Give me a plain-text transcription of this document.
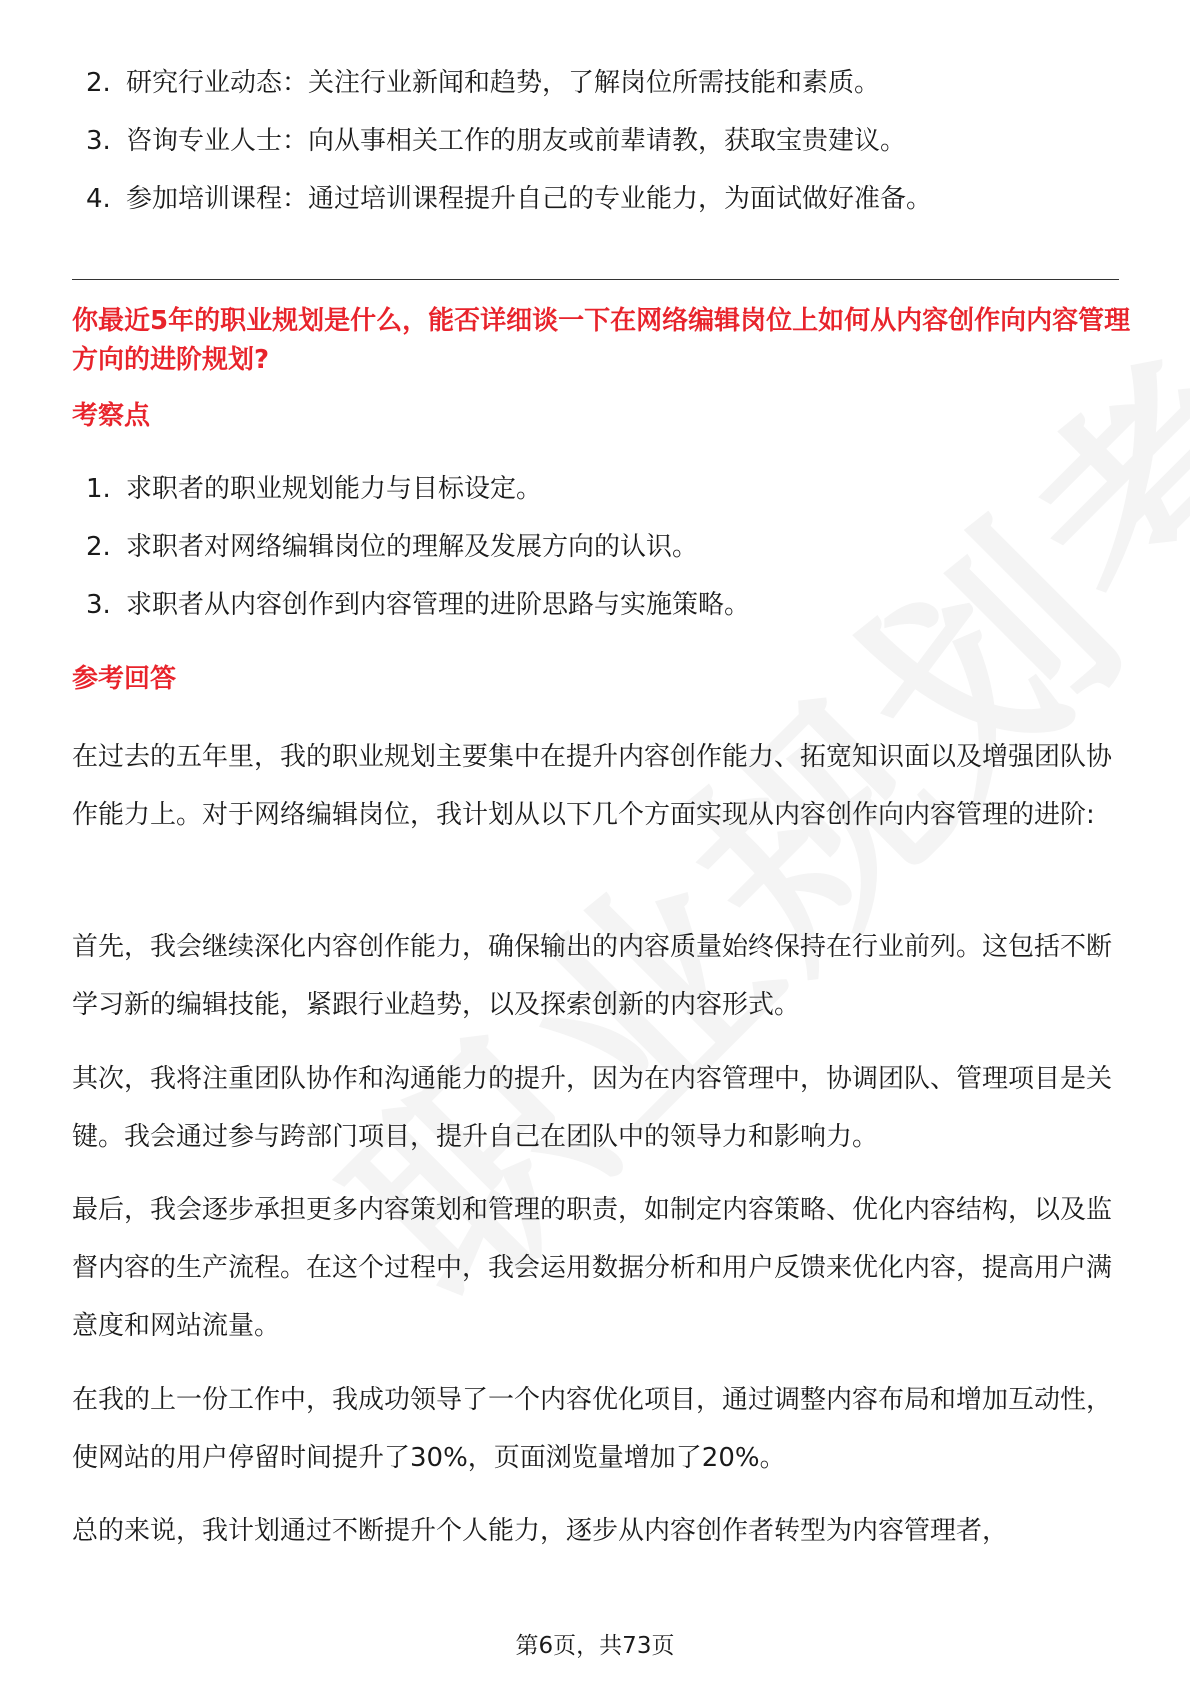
2. 研究行业动态：关注行业新闻和趋势，了解岗位所需技能和素质。
3. 咨询专业人士：向从事相关工作的朋友或前辈请教，获取宝贵建议。
4. 参加培训课程：通过培训课程提升自己的专业能力，为面试做好准备。
你最近5年的职业规划是什么，能否详细谈一下在网络编辑岗位上如何从内容创作向内容管理方向的进阶规划?
考察点
1. 求职者的职业规划能力与目标设定。
2. 求职者对网络编辑岗位的理解及发展方向的认识。
3. 求职者从内容创作到内容管理的进阶思路与实施策略。
参考回答

在过去的五年里，我的职业规划主要集中在提升内容创作能力、拓宽知识面以及增强团队协作能力上。对于网络编辑岗位，我计划从以下几个方面实现从内容创作向内容管理的进阶:

首先，我会继续深化内容创作能力，确保输出的内容质量始终保持在行业前列。这包括不断学习新的编辑技能，紧跟行业趋势，以及探索创新的内容形式。

其次，我将注重团队协作和沟通能力的提升，因为在内容管理中，协调团队、管理项目是关键。我会通过参与跨部门项目，提升自己在团队中的领导力和影响力。

最后，我会逐步承担更多内容策划和管理的职责，如制定内容策略、优化内容结构，以及监督内容的生产流程。在这个过程中，我会运用数据分析和用户反馈来优化内容，提高用户满意度和网站流量。

在我的上一份工作中，我成功领导了一个内容优化项目，通过调整内容布局和增加互动性，使网站的用户停留时间提升了30%，页面浏览量增加了20%。

总的来说，我计划通过不断提升个人能力，逐步从内容创作者转型为内容管理者，

第6页，共73页
